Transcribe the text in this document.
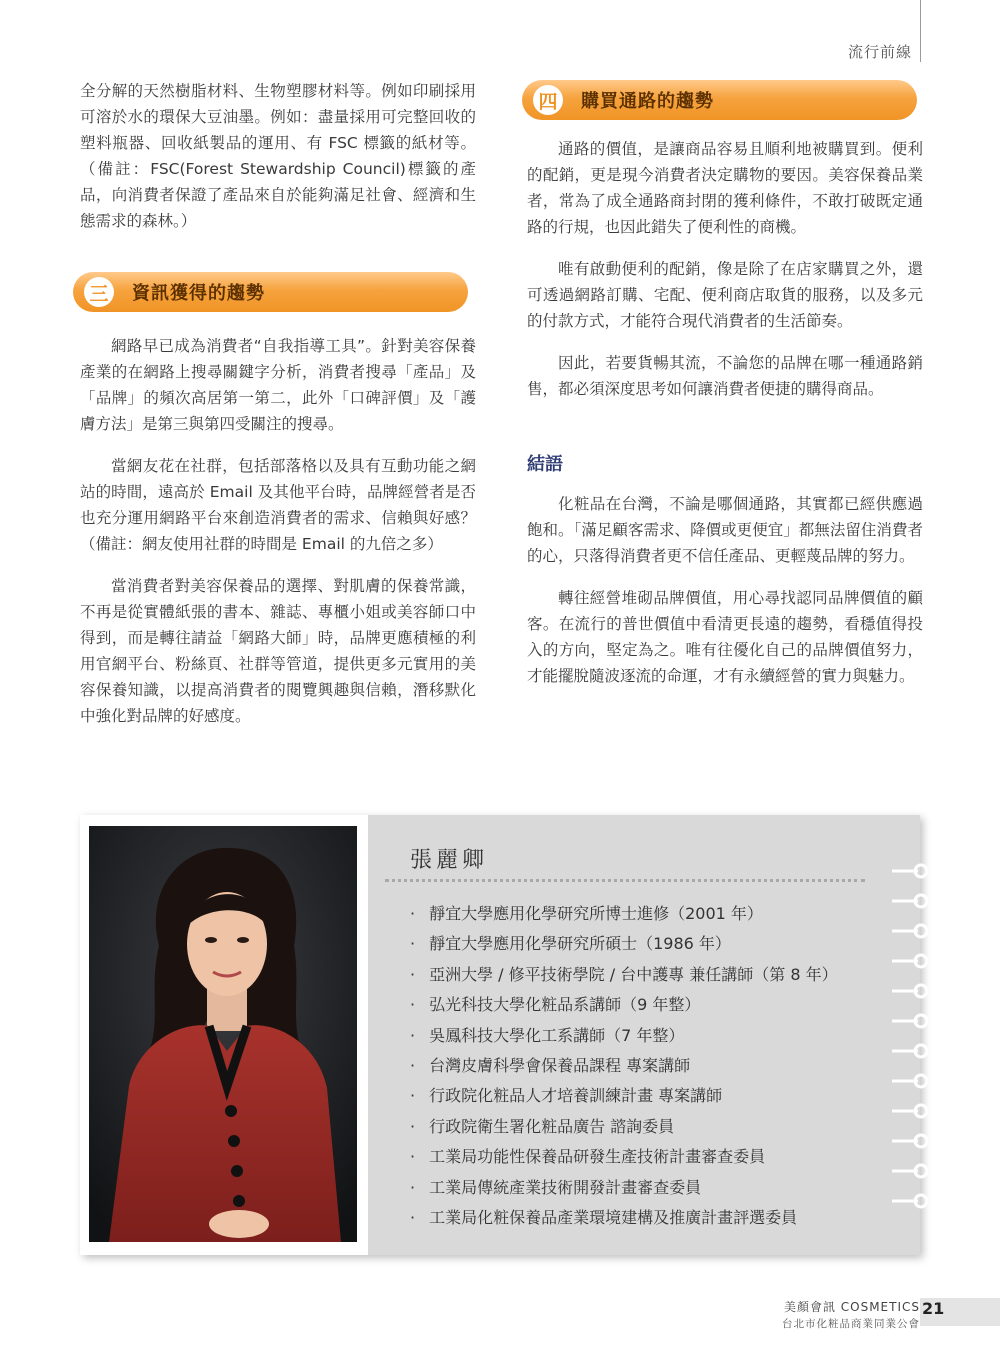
流行前線

全分解的天然樹脂材料、生物塑膠材料等。例如印刷採用可溶於水的環保大豆油墨。例如：盡量採用可完整回收的塑料瓶器、回收紙製品的運用、有 FSC 標籤的紙材等。（備註：FSC(Forest Stewardship Council)標籤的產品，向消費者保證了產品來自於能夠滿足社會、經濟和生態需求的森林。）

三	資訊獲得的趨勢

網路早已成為消費者“自我指導工具”。針對美容保養產業的在網路上搜尋關鍵字分析，消費者搜尋「產品」及「品牌」的頻次高居第一第二，此外「口碑評價」及「護膚方法」是第三與第四受關注的搜尋。

當網友花在社群，包括部落格以及具有互動功能之網站的時間，遠高於 Email 及其他平台時，品牌經營者是否也充分運用網路平台來創造消費者的需求、信賴與好感？（備註：網友使用社群的時間是 Email 的九倍之多）

當消費者對美容保養品的選擇、對肌膚的保養常識，不再是從實體紙張的書本、雜誌、專櫃小姐或美容師口中得到，而是轉往請益「網路大師」時，品牌更應積極的利用官網平台、粉絲頁、社群等管道，提供更多元實用的美容保養知識，以提高消費者的閱覽興趣與信賴，潛移默化中強化對品牌的好感度。

四	購買通路的趨勢

通路的價值，是讓商品容易且順利地被購買到。便利的配銷，更是現今消費者決定購物的要因。美容保養品業者，常為了成全通路商封閉的獲利條件，不敢打破既定通路的行規，也因此錯失了便利性的商機。

唯有啟動便利的配銷，像是除了在店家購買之外，還可透過網路訂購、宅配、便利商店取貨的服務，以及多元的付款方式，才能符合現代消費者的生活節奏。

因此，若要貨暢其流，不論您的品牌在哪一種通路銷售，都必須深度思考如何讓消費者便捷的購得商品。

結語

化粧品在台灣，不論是哪個通路，其實都已經供應過飽和。「滿足顧客需求、降價或更便宜」都無法留住消費者的心，只落得消費者更不信任產品、更輕蔑品牌的努力。

轉往經營堆砌品牌價值，用心尋找認同品牌價值的顧客。在流行的普世價值中看清更長遠的趨勢，看穩值得投入的方向，堅定為之。唯有往優化自己的品牌價值努力，才能擺脫隨波逐流的命運，才有永續經營的實力與魅力。

張麗卿
· 靜宜大學應用化學研究所博士進修（2001 年）
· 靜宜大學應用化學研究所碩士（1986 年）
· 亞洲大學 / 修平技術學院 / 台中護專 兼任講師（第 8 年）
· 弘光科技大學化粧品系講師（9 年整）
· 吳鳳科技大學化工系講師（7 年整）
· 台灣皮膚科學會保養品課程 專案講師
· 行政院化粧品人才培養訓練計畫 專案講師
· 行政院衛生署化粧品廣告 諮詢委員
· 工業局功能性保養品研發生產技術計畫審查委員
· 工業局傳統產業技術開發計畫審查委員
· 工業局化粧保養品產業環境建構及推廣計畫評選委員
美顏會訊 COSMETICS
台北市化粧品商業同業公會
21
